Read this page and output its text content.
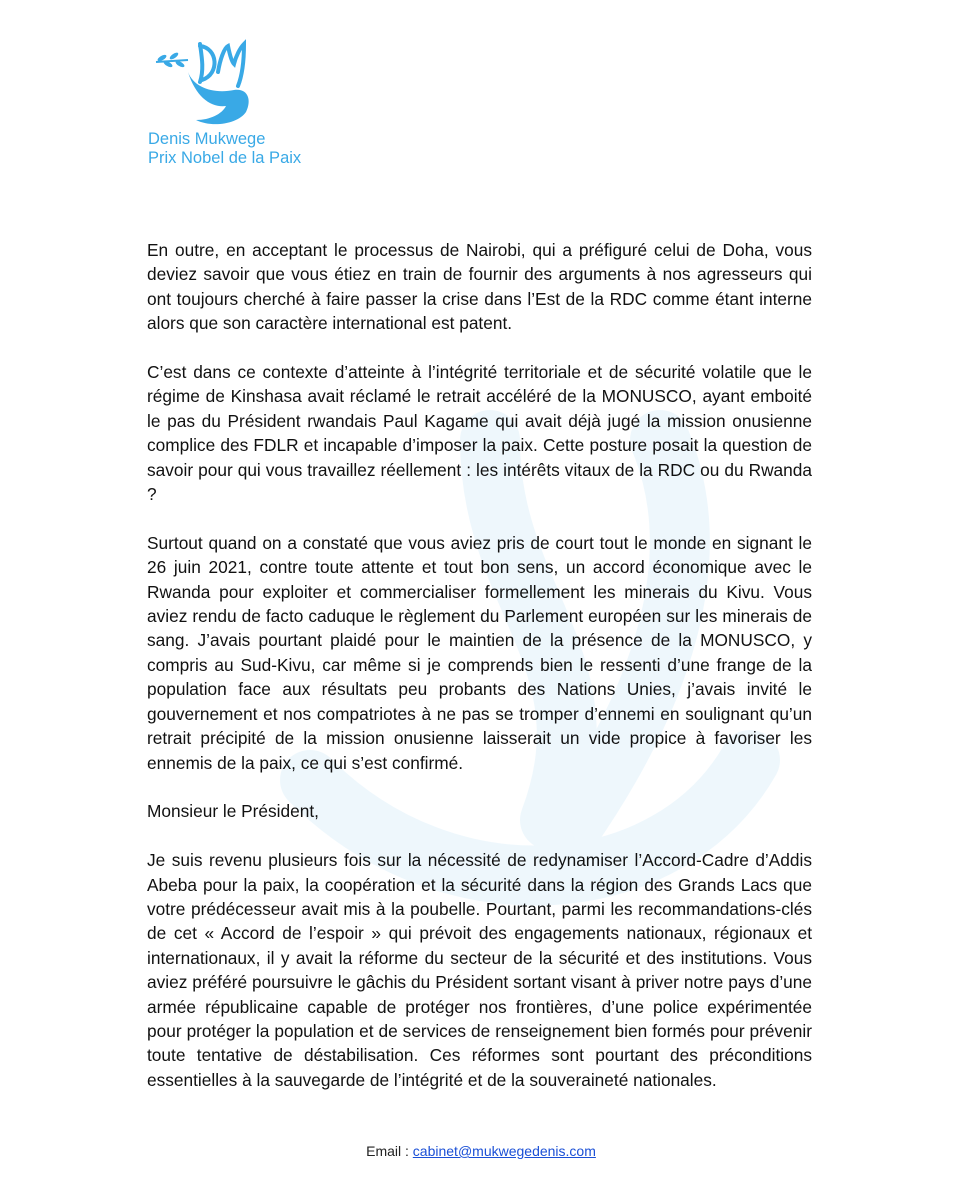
Denis Mukwege
Prix Nobel de la Paix

En outre, en acceptant le processus de Nairobi, qui a préfiguré celui de Doha, vous deviez savoir que vous étiez en train de fournir des arguments à nos agresseurs qui ont toujours cherché à faire passer la crise dans l’Est de la RDC comme étant interne alors que son caractère international est patent.

C’est dans ce contexte d’atteinte à l’intégrité territoriale et de sécurité volatile que le régime de Kinshasa avait réclamé le retrait accéléré de la MONUSCO, ayant emboité le pas du Président rwandais Paul Kagame qui avait déjà jugé la mission onusienne complice des FDLR et incapable d’imposer la paix. Cette posture posait la question de savoir pour qui vous travaillez réellement : les intérêts vitaux de la RDC ou du Rwanda ?

Surtout quand on a constaté que vous aviez pris de court tout le monde en signant le 26 juin 2021, contre toute attente et tout bon sens, un accord économique avec le Rwanda pour exploiter et commercialiser formellement les minerais du Kivu. Vous aviez rendu de facto caduque le règlement du Parlement européen sur les minerais de sang. J’avais pourtant plaidé pour le maintien de la présence de la MONUSCO, y compris au Sud-Kivu, car même si je comprends bien le ressenti d’une frange de la population face aux résultats peu probants des Nations Unies, j’avais invité le gouvernement et nos compatriotes à ne pas se tromper d’ennemi en soulignant qu’un retrait précipité de la mission onusienne laisserait un vide propice à favoriser les ennemis de la paix, ce qui s’est confirmé.

Monsieur le Président,

Je suis revenu plusieurs fois sur la nécessité de redynamiser l’Accord-Cadre d’Addis Abeba pour la paix, la coopération et la sécurité dans la région des Grands Lacs que votre prédécesseur avait mis à la poubelle. Pourtant, parmi les recommandations-clés de cet « Accord de l’espoir » qui prévoit des engagements nationaux, régionaux et internationaux, il y avait la réforme du secteur de la sécurité et des institutions. Vous aviez préféré poursuivre le gâchis du Président sortant visant à priver notre pays d’une armée républicaine capable de protéger nos frontières, d’une police expérimentée pour protéger la population et de services de renseignement bien formés pour prévenir toute tentative de déstabilisation. Ces réformes sont pourtant des préconditions essentielles à la sauvegarde de l’intégrité et de la souveraineté nationales.

Email : cabinet@mukwegedenis.com
